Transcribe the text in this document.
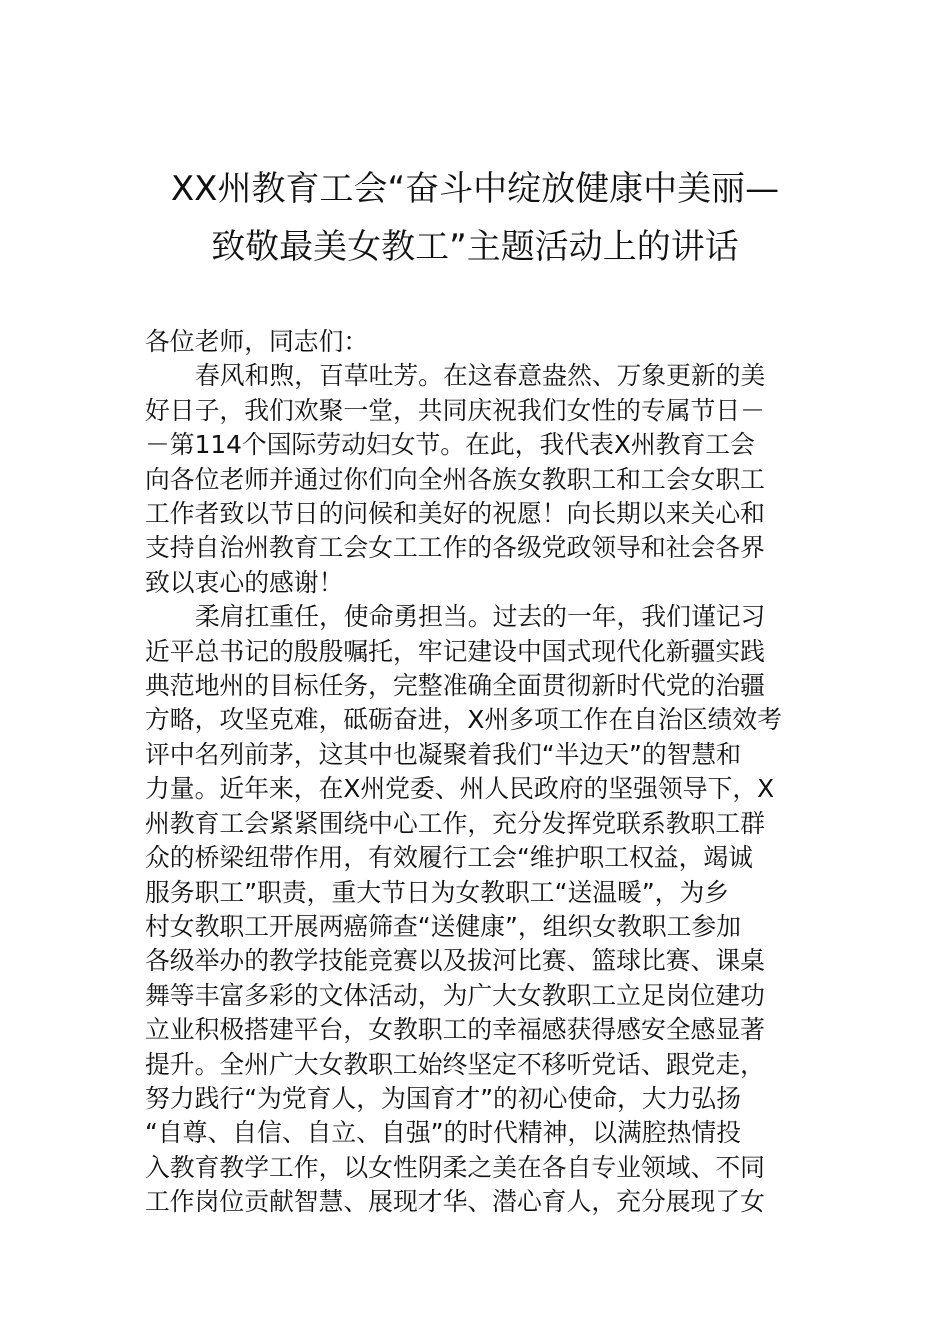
XX州教育工会“奋斗中绽放健康中美丽—
致敬最美女教工”主题活动上的讲话

各位老师，同志们：

春风和煦，百草吐芳。在这春意盎然、万象更新的美
好日子，我们欢聚一堂，共同庆祝我们女性的专属节日－
－第114个国际劳动妇女节。在此，我代表X州教育工会
向各位老师并通过你们向全州各族女教职工和工会女职工
工作者致以节日的问候和美好的祝愿！向长期以来关心和
支持自治州教育工会女工工作的各级党政领导和社会各界
致以衷心的感谢！

柔肩扛重任，使命勇担当。过去的一年，我们谨记习
近平总书记的殷殷嘱托，牢记建设中国式现代化新疆实践
典范地州的目标任务，完整准确全面贯彻新时代党的治疆
方略，攻坚克难，砥砺奋进，X州多项工作在自治区绩效考
评中名列前茅，这其中也凝聚着我们“半边天”的智慧和
力量。近年来，在X州党委、州人民政府的坚强领导下，X
州教育工会紧紧围绕中心工作，充分发挥党联系教职工群
众的桥梁纽带作用，有效履行工会“维护职工权益，竭诚
服务职工”职责，重大节日为女教职工“送温暖”，为乡
村女教职工开展两癌筛查“送健康”，组织女教职工参加
各级举办的教学技能竞赛以及拔河比赛、篮球比赛、课桌
舞等丰富多彩的文体活动，为广大女教职工立足岗位建功
立业积极搭建平台，女教职工的幸福感获得感安全感显著
提升。全州广大女教职工始终坚定不移听党话、跟党走，
努力践行“为党育人，为国育才”的初心使命，大力弘扬
“自尊、自信、自立、自强”的时代精神，以满腔热情投
入教育教学工作，以女性阴柔之美在各自专业领域、不同
工作岗位贡献智慧、展现才华、潜心育人，充分展现了女
